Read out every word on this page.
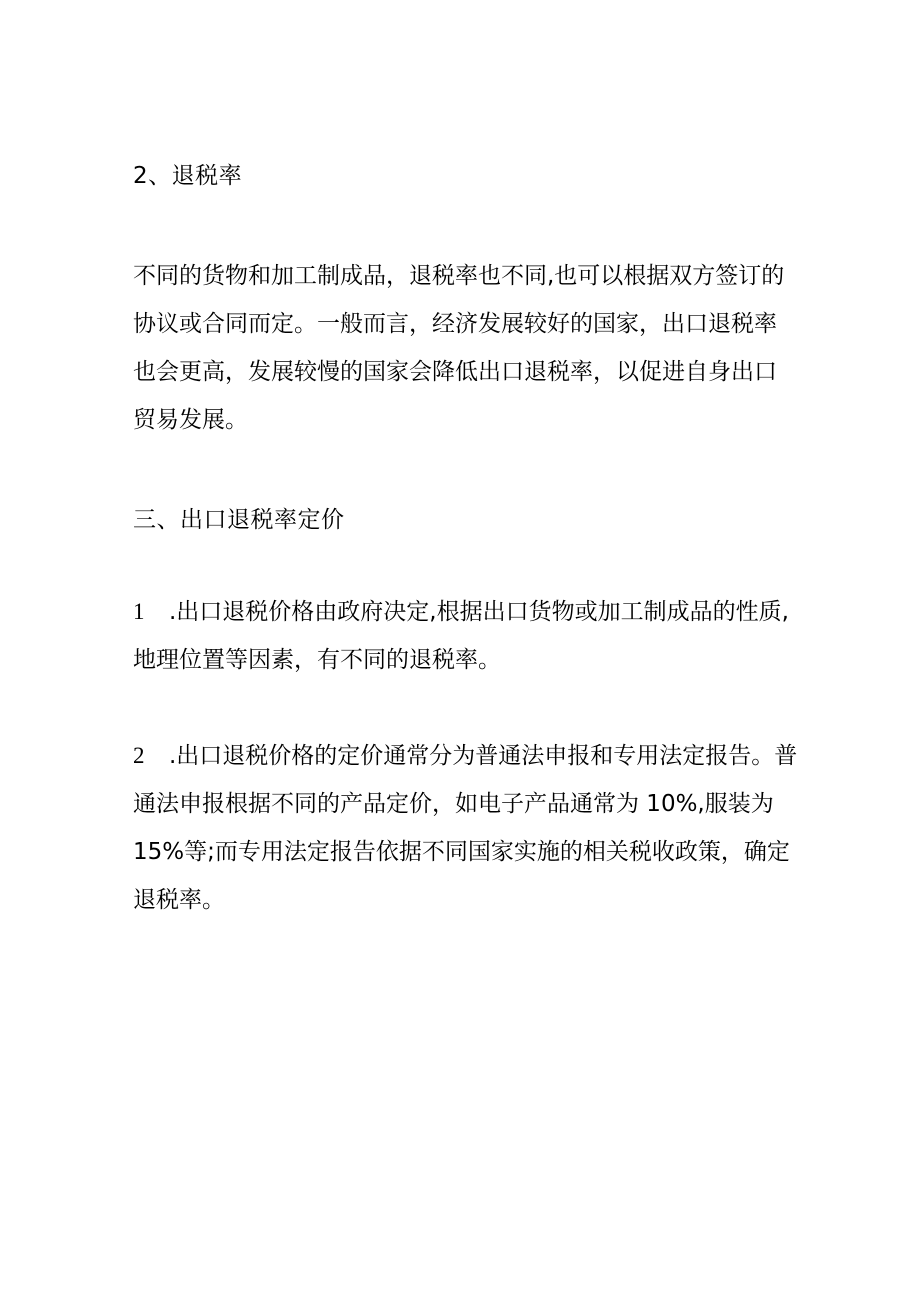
2、退税率
不同的货物和加工制成品，退税率也不同,也可以根据双方签订的
协议或合同而定。一般而言，经济发展较好的国家，出口退税率
也会更高，发展较慢的国家会降低出口退税率，以促进自身出口
贸易发展。
三、出口退税率定价
1 .出口退税价格由政府决定,根据出口货物或加工制成品的性质,
地理位置等因素，有不同的退税率。
2 .出口退税价格的定价通常分为普通法申报和专用法定报告。普
通法申报根据不同的产品定价，如电子产品通常为 10%,服装为
15%等;而专用法定报告依据不同国家实施的相关税收政策，确定
退税率。
